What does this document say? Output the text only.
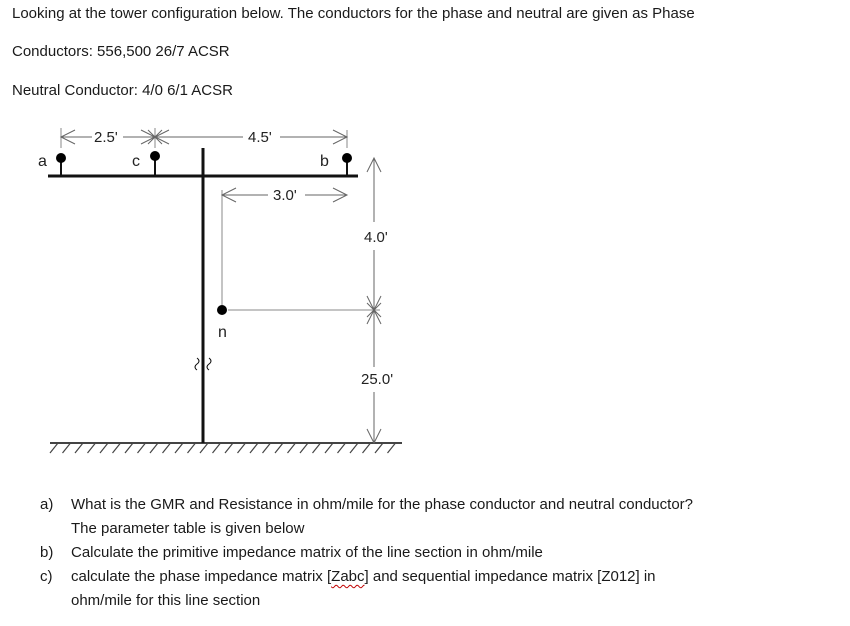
Looking at the tower configuration below. The conductors for the phase and neutral are given as Phase
Conductors: 556,500 26/7 ACSR
Neutral Conductor: 4/0 6/1 ACSR
a	c	b
n
2.5'	4.5'
3.0'
4.0'
25.0'
a)	What is the GMR and Resistance in ohm/mile for the phase conductor and neutral conductor?
The parameter table is given below
b)	Calculate the primitive impedance matrix of the line section in ohm/mile
c)	calculate the phase impedance matrix [Zabc] and sequential impedance matrix [Z012] in
ohm/mile for this line section
